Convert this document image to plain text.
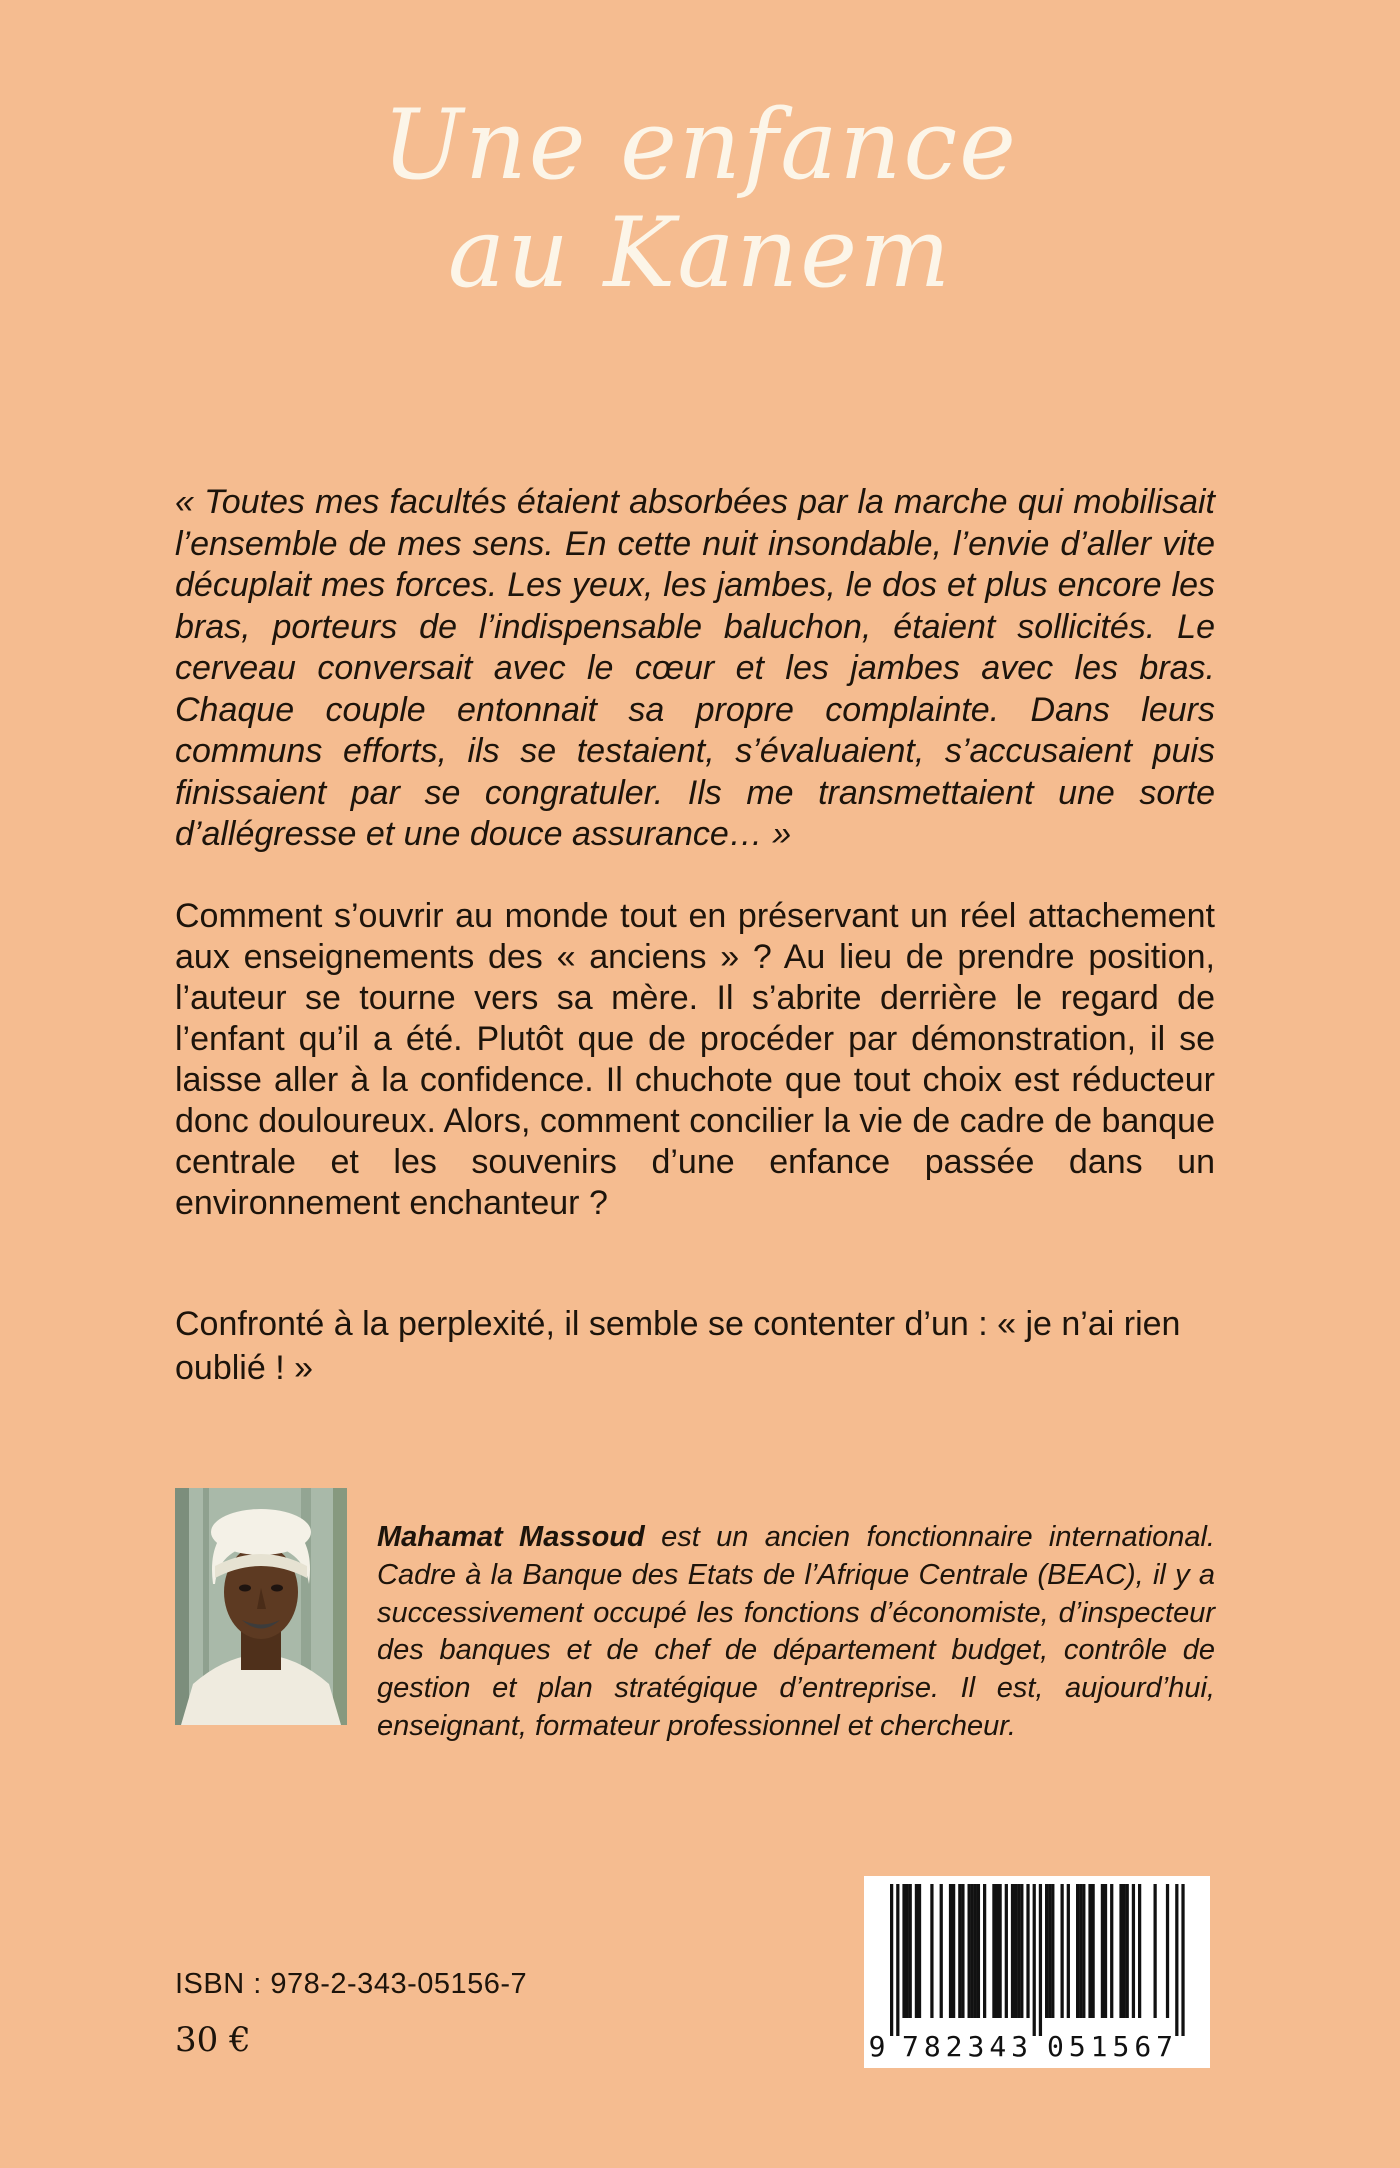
Une enfance
au Kanem

« Toutes mes facultés étaient absorbées par la marche qui mobilisait l’ensemble de mes sens. En cette nuit insondable, l’envie d’aller vite décuplait mes forces. Les yeux, les jambes, le dos et plus encore les bras, porteurs de l’indispensable baluchon, étaient sollicités. Le cerveau conversait avec le cœur et les jambes avec les bras. Chaque couple entonnait sa propre complainte. Dans leurs communs efforts, ils se testaient, s’évaluaient, s’accusaient puis finissaient par se congratuler. Ils me transmettaient une sorte d’allégresse et une douce assurance… »

Comment s’ouvrir au monde tout en préservant un réel attachement aux enseignements des « anciens » ? Au lieu de prendre position, l’auteur se tourne vers sa mère. Il s’abrite derrière le regard de l’enfant qu’il a été. Plutôt que de procéder par démonstration, il se laisse aller à la confidence. Il chuchote que tout choix est réducteur donc douloureux. Alors, comment concilier la vie de cadre de banque centrale et les souvenirs d’une enfance passée dans un environnement enchanteur ?

Confronté à la perplexité, il semble se contenter d’un : « je n’ai rien oublié ! »

Mahamat Massoud est un ancien fonctionnaire international. Cadre à la Banque des Etats de l’Afrique Centrale (BEAC), il y a successivement occupé les fonctions d’économiste, d’inspecteur des banques et de chef de département budget, contrôle de gestion et plan stratégique d’entreprise. Il est, aujourd’hui, enseignant, formateur professionnel et chercheur.

9 7 8 2 3 4 3 0 5 1 5 6 7
ISBN : 978-2-343-05156-7
30 €
